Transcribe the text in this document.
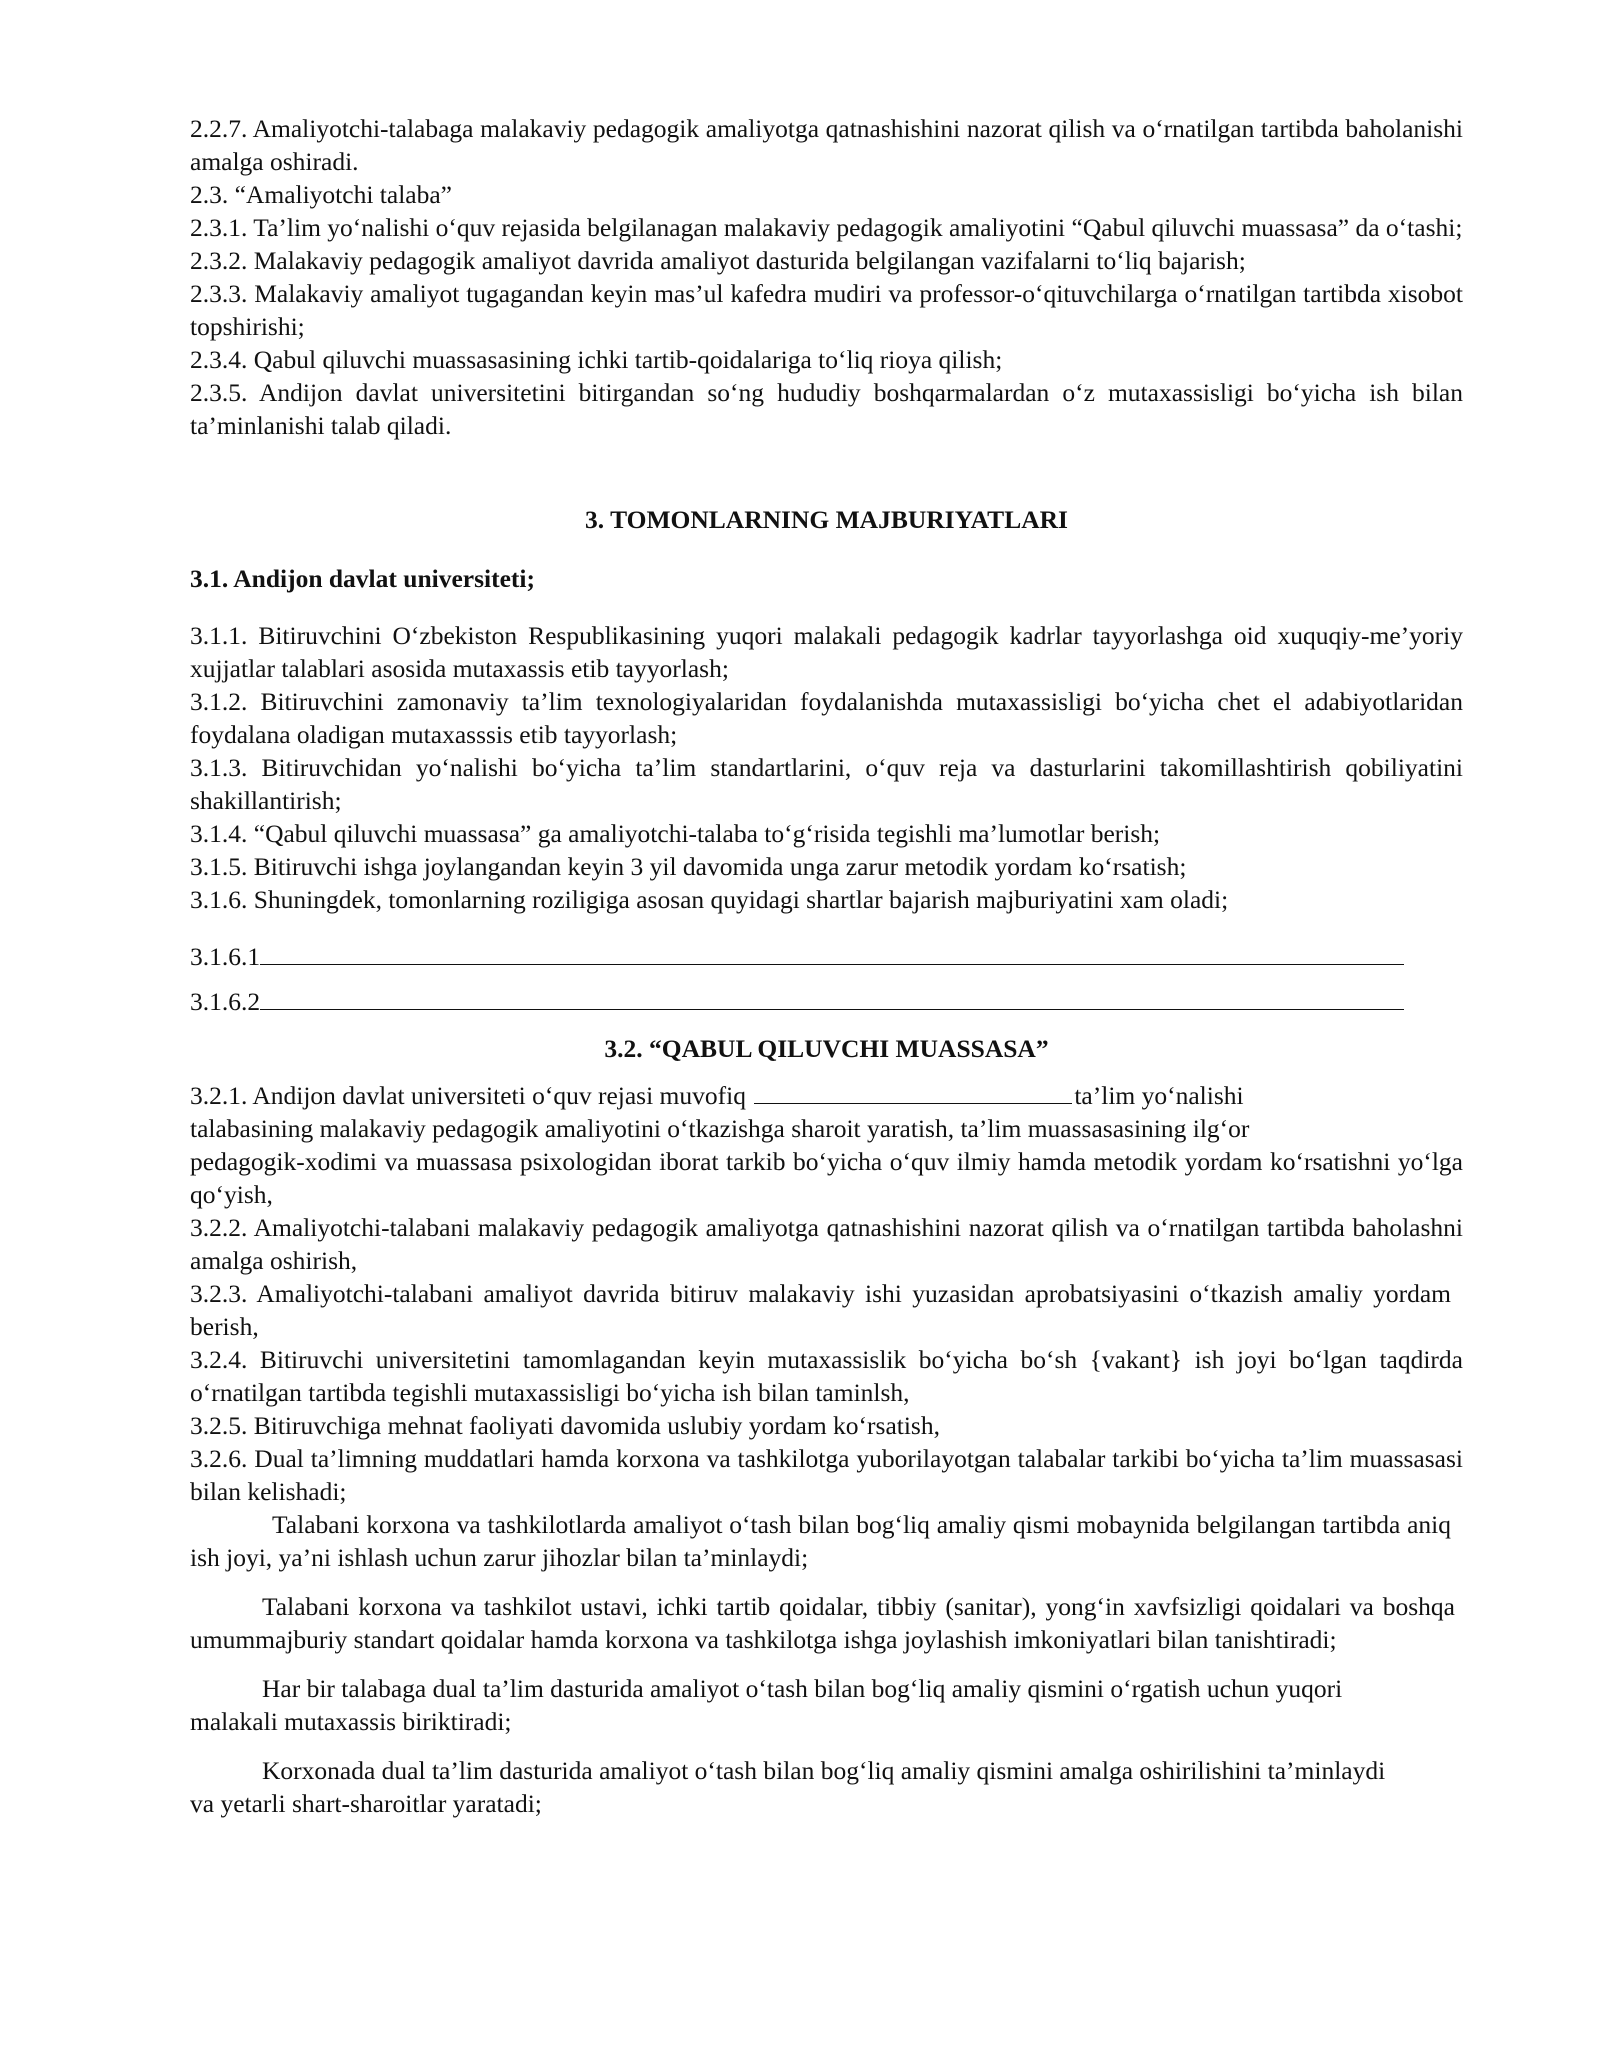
2.2.7. Amaliyotchi-talabaga malakaviy pedagogik amaliyotga qatnashishini nazorat qilish va o‘rnatilgan tartibda baholanishi amalga oshiradi.

2.3. “Amaliyotchi talaba”

2.3.1. Ta’lim yo‘nalishi o‘quv rejasida belgilanagan malakaviy pedagogik amaliyotini “Qabul qiluvchi muassasa” da o‘tashi;

2.3.2. Malakaviy pedagogik amaliyot davrida amaliyot dasturida belgilangan vazifalarni to‘liq bajarish;

2.3.3. Malakaviy amaliyot tugagandan keyin mas’ul kafedra mudiri va professor-o‘qituvchilarga o‘rnatilgan tartibda xisobot topshirishi;

2.3.4. Qabul qiluvchi muassasasining ichki tartib-qoidalariga to‘liq rioya qilish;

2.3.5. Andijon davlat universitetini bitirgandan so‘ng hududiy boshqarmalardan o‘z mutaxassisligi bo‘yicha ish bilan ta’minlanishi talab qiladi.

3. TOMONLARNING MAJBURIYATLARI

3.1. Andijon davlat universiteti;

3.1.1. Bitiruvchini O‘zbekiston Respublikasining yuqori malakali pedagogik kadrlar tayyorlashga oid xuquqiy-me’yoriy xujjatlar talablari asosida mutaxassis etib tayyorlash;

3.1.2. Bitiruvchini zamonaviy ta’lim texnologiyalaridan foydalanishda mutaxassisligi bo‘yicha chet el adabiyotlaridan foydalana oladigan mutaxasssis etib tayyorlash;

3.1.3. Bitiruvchidan yo‘nalishi bo‘yicha ta’lim standartlarini, o‘quv reja va dasturlarini takomillashtirish qobiliyatini shakillantirish;

3.1.4. “Qabul qiluvchi muassasa” ga amaliyotchi-talaba to‘g‘risida tegishli ma’lumotlar berish;

3.1.5. Bitiruvchi ishga joylangandan keyin 3 yil davomida unga zarur metodik yordam ko‘rsatish;

3.1.6. Shuningdek, tomonlarning roziligiga asosan quyidagi shartlar bajarish majburiyatini xam oladi;

3.1.6.1

3.1.6.2

3.2. “QABUL QILUVCHI MUASSASA”

3.2.1. Andijon davlat universiteti o‘quv rejasi muvofiq	ta’lim yo‘nalishi

talabasining malakaviy pedagogik amaliyotini o‘tkazishga sharoit yaratish, ta’lim muassasasining ilg‘or

pedagogik-xodimi va muassasa psixologidan iborat tarkib bo‘yicha o‘quv ilmiy hamda metodik yordam ko‘rsatishni yo‘lga qo‘yish,

3.2.2. Amaliyotchi-talabani malakaviy pedagogik amaliyotga qatnashishini nazorat qilish va o‘rnatilgan tartibda baholashni amalga oshirish,

3.2.3. Amaliyotchi-talabani amaliyot davrida bitiruv malakaviy ishi yuzasidan aprobatsiyasini o‘tkazish amaliy yordam berish,

3.2.4. Bitiruvchi universitetini tamomlagandan keyin mutaxassislik bo‘yicha bo‘sh {vakant} ish joyi bo‘lgan taqdirda o‘rnatilgan tartibda tegishli mutaxassisligi bo‘yicha ish bilan taminlsh,

3.2.5. Bitiruvchiga mehnat faoliyati davomida uslubiy yordam ko‘rsatish,

3.2.6. Dual ta’limning muddatlari hamda korxona va tashkilotga yuborilayotgan talabalar tarkibi bo‘yicha ta’lim muassasasi bilan kelishadi;

Talabani korxona va tashkilotlarda amaliyot o‘tash bilan bog‘liq amaliy qismi mobaynida belgilangan tartibda aniq ish joyi, ya’ni ishlash uchun zarur jihozlar bilan ta’minlaydi;

Talabani korxona va tashkilot ustavi, ichki tartib qoidalar, tibbiy (sanitar), yong‘in xavfsizligi qoidalari va boshqa umummajburiy standart qoidalar hamda korxona va tashkilotga ishga joylashish imkoniyatlari bilan tanishtiradi;

Har bir talabaga dual ta’lim dasturida amaliyot o‘tash bilan bog‘liq amaliy qismini o‘rgatish uchun yuqori malakali mutaxassis biriktiradi;

Korxonada dual ta’lim dasturida amaliyot o‘tash bilan bog‘liq amaliy qismini amalga oshirilishini ta’minlaydi va yetarli shart-sharoitlar yaratadi;
